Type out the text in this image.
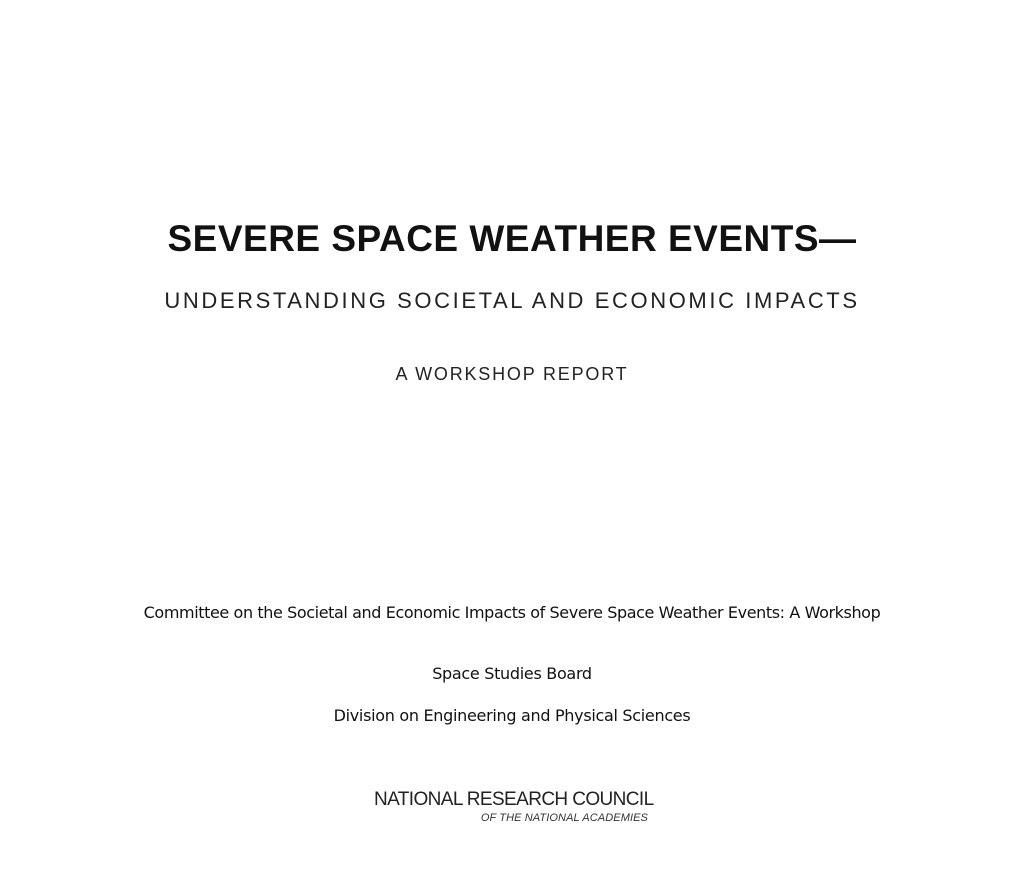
SEVERE SPACE WEATHER EVENTS—
UNDERSTANDING SOCIETAL AND ECONOMIC IMPACTS
A WORKSHOP REPORT
Committee on the Societal and Economic Impacts of Severe Space Weather Events: A Workshop
Space Studies Board
Division on Engineering and Physical Sciences
NATIONAL RESEARCH COUNCIL
OF THE NATIONAL ACADEMIES
